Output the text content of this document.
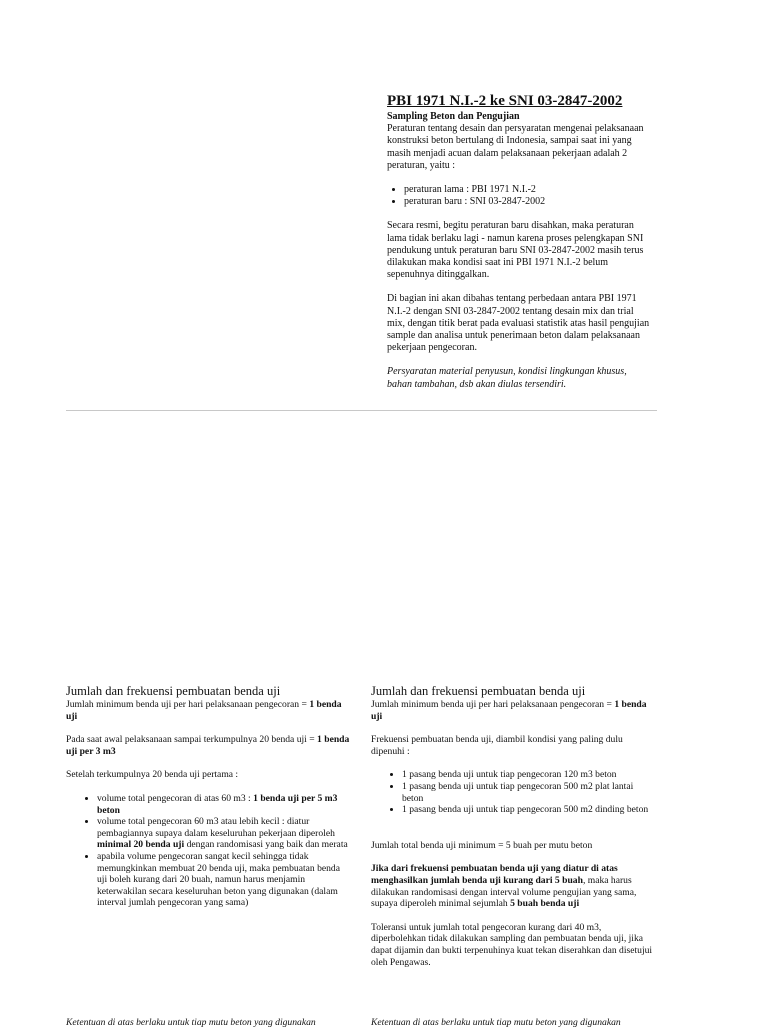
PBI 1971 N.I.-2 ke SNI 03-2847-2002

Sampling Beton dan Pengujian

Peraturan tentang desain dan persyaratan mengenai pelaksanaan konstruksi beton bertulang di Indonesia, sampai saat ini yang masih menjadi acuan dalam pelaksanaan pekerjaan adalah 2 peraturan, yaitu :

• peraturan lama : PBI 1971 N.I.-2
• peraturan baru : SNI 03-2847-2002

Secara resmi, begitu peraturan baru disahkan, maka peraturan lama tidak berlaku lagi - namun karena proses pelengkapan SNI pendukung untuk peraturan baru SNI 03-2847-2002 masih terus dilakukan maka kondisi saat ini PBI 1971 N.I.-2 belum sepenuhnya ditinggalkan.

Di bagian ini akan dibahas tentang perbedaan antara PBI 1971 N.I.-2 dengan SNI 03-2847-2002 tentang desain mix dan trial mix, dengan titik berat pada evaluasi statistik atas hasil pengujian sample dan analisa untuk penerimaan beton dalam pelaksanaan pekerjaan pengecoran.

Persyaratan material penyusun, kondisi lingkungan khusus, bahan tambahan, dsb akan diulas tersendiri.

Jumlah dan frekuensi pembuatan benda uji

Jumlah minimum benda uji per hari pelaksanaan pengecoran = 1 benda uji

Pada saat awal pelaksanaan sampai terkumpulnya 20 benda uji = 1 benda uji per 3 m3

Setelah terkumpulnya 20 benda uji pertama :

• volume total pengecoran di atas 60 m3 : 1 benda uji per 5 m3 beton
• volume total pengecoran 60 m3 atau lebih kecil : diatur pembagiannya supaya dalam keseluruhan pekerjaan diperoleh minimal 20 benda uji dengan randomisasi yang baik dan merata
• apabila volume pengecoran sangat kecil sehingga tidak memungkinkan membuat 20 benda uji, maka pembuatan benda uji boleh kurang dari 20 buah, namun harus menjamin keterwakilan secara keseluruhan beton yang digunakan (dalam interval jumlah pengecoran yang sama)
Jumlah dan frekuensi pembuatan benda uji

Jumlah minimum benda uji per hari pelaksanaan pengecoran = 1 benda uji

Frekuensi pembuatan benda uji, diambil kondisi yang paling dulu dipenuhi :

• 1 pasang benda uji untuk tiap pengecoran 120 m3 beton
• 1 pasang benda uji untuk tiap pengecoran 500 m2 plat lantai beton
• 1 pasang benda uji untuk tiap pengecoran 500 m2 dinding beton

Jumlah total benda uji minimum = 5 buah per mutu beton

Jika dari frekuensi pembuatan benda uji yang diatur di atas menghasilkan jumlah benda uji kurang dari 5 buah, maka harus dilakukan randomisasi dengan interval volume pengujian yang sama, supaya diperoleh minimal sejumlah 5 buah benda uji

Toleransi untuk jumlah total pengecoran kurang dari 40 m3, diperbolehkan tidak dilakukan sampling dan pembuatan benda uji, jika dapat dijamin dan bukti terpenuhinya kuat tekan diserahkan dan disetujui oleh Pengawas.

Ketentuan di atas berlaku untuk tiap mutu beton yang digunakan	Ketentuan di atas berlaku untuk tiap mutu beton yang digunakan
